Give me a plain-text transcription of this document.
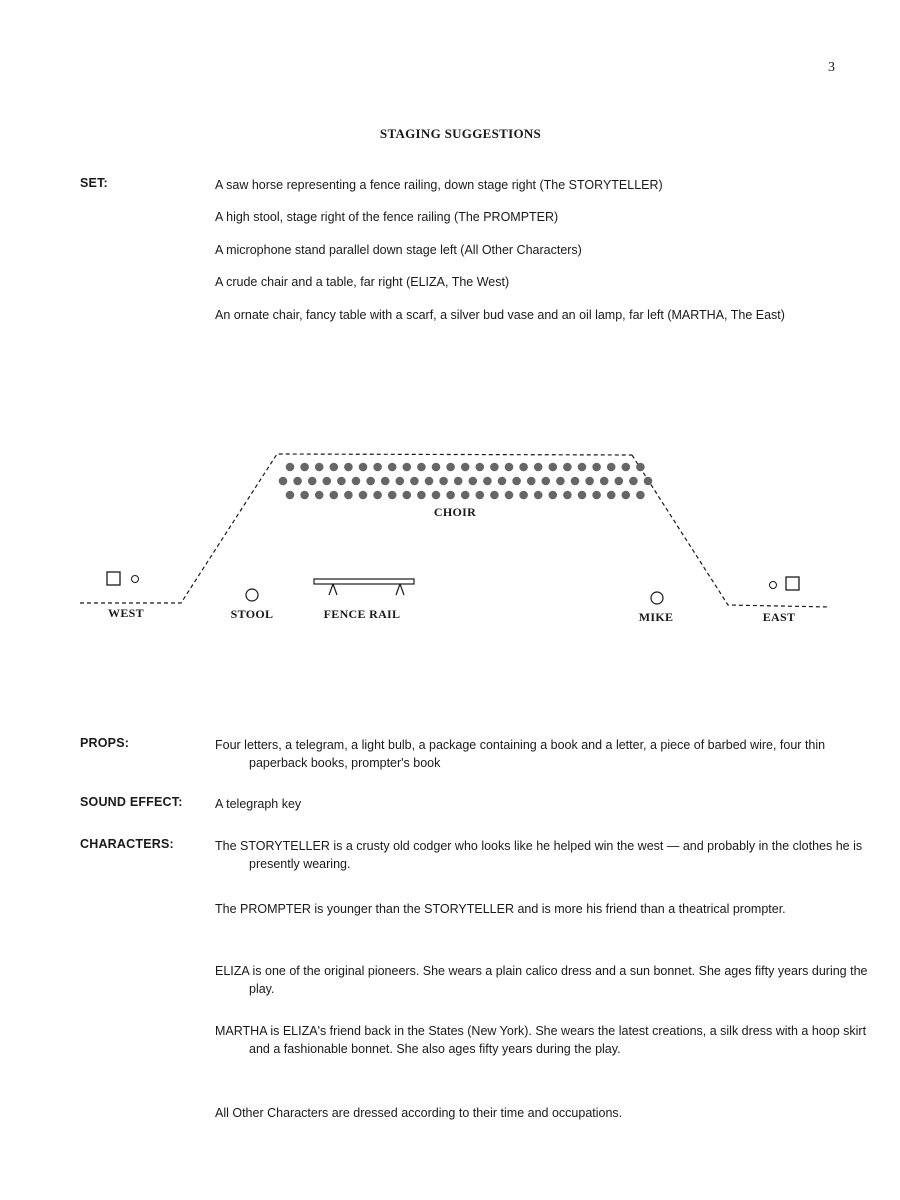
3
STAGING SUGGESTIONS
SET:	A saw horse representing a fence railing, down stage right (The STORYTELLER)
A high stool, stage right of the fence railing (The PROMPTER)
A microphone stand parallel down stage left (All Other Characters)
A crude chair and a table, far right (ELIZA, The West)
An ornate chair, fancy table with a scarf, a silver bud vase and an oil lamp, far left (MARTHA, The East)
CHOIR
WEST	STOOL	FENCE RAIL	MIKE	EAST
PROPS:	Four letters, a telegram, a light bulb, a package containing a book and a letter, a piece of barbed wire, four thin paperback books, prompter's book
SOUND EFFECT:	A telegraph key
CHARACTERS:	The STORYTELLER is a crusty old codger who looks like he helped win the west — and probably in the clothes he is presently wearing.
The PROMPTER is younger than the STORYTELLER and is more his friend than a theatrical prompter.
ELIZA is one of the original pioneers. She wears a plain calico dress and a sun bonnet. She ages fifty years during the play.
MARTHA is ELIZA's friend back in the States (New York). She wears the latest creations, a silk dress with a hoop skirt and a fashionable bonnet. She also ages fifty years during the play.
All Other Characters are dressed according to their time and occupations.
